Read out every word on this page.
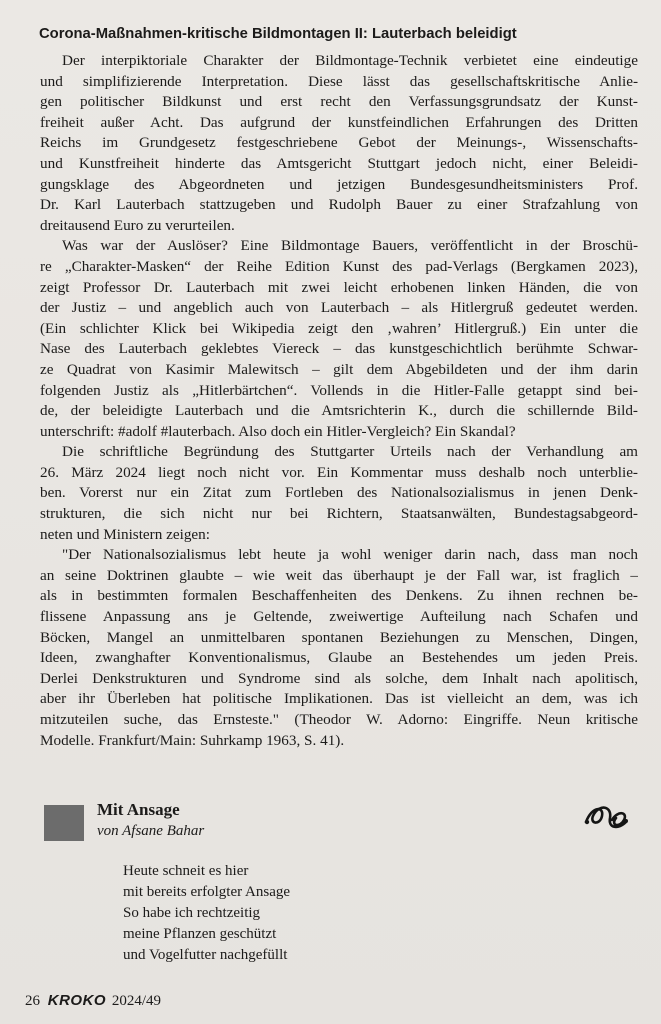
Corona-Maßnahmen-kritische Bildmontagen II: Lauterbach beleidigt
Der interpiktoriale Charakter der Bildmontage-Technik verbietet eine eindeutige
und simplifizierende Interpretation. Diese lässt das gesellschaftskritische Anlie-
gen politischer Bildkunst und erst recht den Verfassungsgrundsatz der Kunst-
freiheit außer Acht. Das aufgrund der kunstfeindlichen Erfahrungen des Dritten
Reichs im Grundgesetz festgeschriebene Gebot der Meinungs-, Wissenschafts-
und Kunstfreiheit hinderte das Amtsgericht Stuttgart jedoch nicht, einer Beleidi-
gungsklage des Abgeordneten und jetzigen Bundesgesundheitsministers Prof.
Dr. Karl Lauterbach stattzugeben und Rudolph Bauer zu einer Strafzahlung von
dreitausend Euro zu verurteilen.
Was war der Auslöser? Eine Bildmontage Bauers, veröffentlicht in der Broschü-
re „Charakter-Masken“ der Reihe Edition Kunst des pad-Verlags (Bergkamen 2023),
zeigt Professor Dr. Lauterbach mit zwei leicht erhobenen linken Händen, die von
der Justiz – und angeblich auch von Lauterbach – als Hitlergruß gedeutet werden.
(Ein schlichter Klick bei Wikipedia zeigt den ‚wahren’ Hitlergruß.) Ein unter die
Nase des Lauterbach geklebtes Viereck – das kunstgeschichtlich berühmte Schwar-
ze Quadrat von Kasimir Malewitsch – gilt dem Abgebildeten und der ihm darin
folgenden Justiz als „Hitlerbärtchen“. Vollends in die Hitler-Falle getappt sind bei-
de, der beleidigte Lauterbach und die Amtsrichterin K., durch die schillernde Bild-
unterschrift: #adolf #lauterbach. Also doch ein Hitler-Vergleich? Ein Skandal?
Die schriftliche Begründung des Stuttgarter Urteils nach der Verhandlung am
26. März 2024 liegt noch nicht vor. Ein Kommentar muss deshalb noch unterblie-
ben. Vorerst nur ein Zitat zum Fortleben des Nationalsozialismus in jenen Denk-
strukturen, die sich nicht nur bei Richtern, Staatsanwälten, Bundestagsabgeord-
neten und Ministern zeigen:
"Der Nationalsozialismus lebt heute ja wohl weniger darin nach, dass man noch
an seine Doktrinen glaubte – wie weit das überhaupt je der Fall war, ist fraglich –
als in bestimmten formalen Beschaffenheiten des Denkens. Zu ihnen rechnen be-
flissene Anpassung ans je Geltende, zweiwertige Aufteilung nach Schafen und
Böcken, Mangel an unmittelbaren spontanen Beziehungen zu Menschen, Dingen,
Ideen, zwanghafter Konventionalismus, Glaube an Bestehendes um jeden Preis.
Derlei Denkstrukturen und Syndrome sind als solche, dem Inhalt nach apolitisch,
aber ihr Überleben hat politische Implikationen. Das ist vielleicht an dem, was ich
mitzuteilen suche, das Ernsteste." (Theodor W. Adorno: Eingriffe. Neun kritische
Modelle. Frankfurt/Main: Suhrkamp 1963, S. 41).
Mit Ansage
von Afsane Bahar
Heute schneit es hier
mit bereits erfolgter Ansage
So habe ich rechtzeitig
meine Pflanzen geschützt
und Vogelfutter nachgefüllt
26 KROKO 2024/49
